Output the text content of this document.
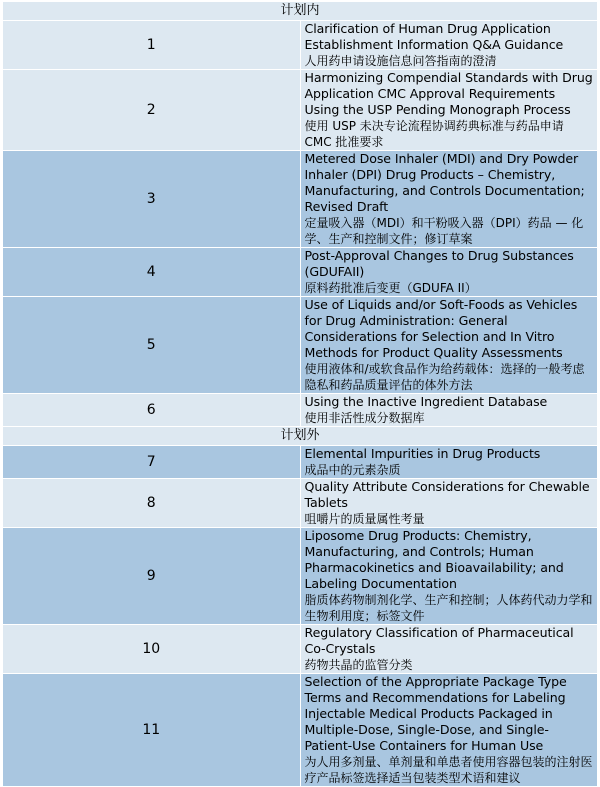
计划内	
1	Clarification of Human Drug Application Establishment Information Q&A Guidance
人用药申请设施信息问答指南的澄清

2	Harmonizing Compendial Standards with Drug Application CMC Approval Requirements Using the USP Pending Monograph Process
使用 USP 未决专论流程协调药典标准与药品申请 CMC 批准要求

3	Metered Dose Inhaler (MDI) and Dry Powder Inhaler (DPI) Drug Products – Chemistry, Manufacturing, and Controls Documentation; Revised Draft
定量吸入器（MDI）和干粉吸入器（DPI）药品 — 化学、生产和控制文件；修订草案

4	Post-Approval Changes to Drug Substances (GDUFAII)
原料药批准后变更（GDUFA II）

5	Use of Liquids and/or Soft-Foods as Vehicles for Drug Administration: General Considerations for Selection and In Vitro Methods for Product Quality Assessments
使用液体和/或软食品作为给药载体：选择的一般考虑隐私和药品质量评估的体外方法

6	Using the Inactive Ingredient Database
使用非活性成分数据库

计划外	
7	Elemental Impurities in Drug Products
成品中的元素杂质

8	Quality Attribute Considerations for Chewable Tablets
咀嚼片的质量属性考量

9	Liposome Drug Products: Chemistry, Manufacturing, and Controls; Human Pharmacokinetics and Bioavailability; and Labeling Documentation
脂质体药物制剂化学、生产和控制；人体药代动力学和生物利用度；标签文件

10	Regulatory Classification of Pharmaceutical Co-Crystals
药物共晶的监管分类

11	Selection of the Appropriate Package Type Terms and Recommendations for Labeling Injectable Medical Products Packaged in Multiple-Dose, Single-Dose, and Single-Patient-Use Containers for Human Use
为人用多剂量、单剂量和单患者使用容器包装的注射医疗产品标签选择适当包装类型术语和建议
